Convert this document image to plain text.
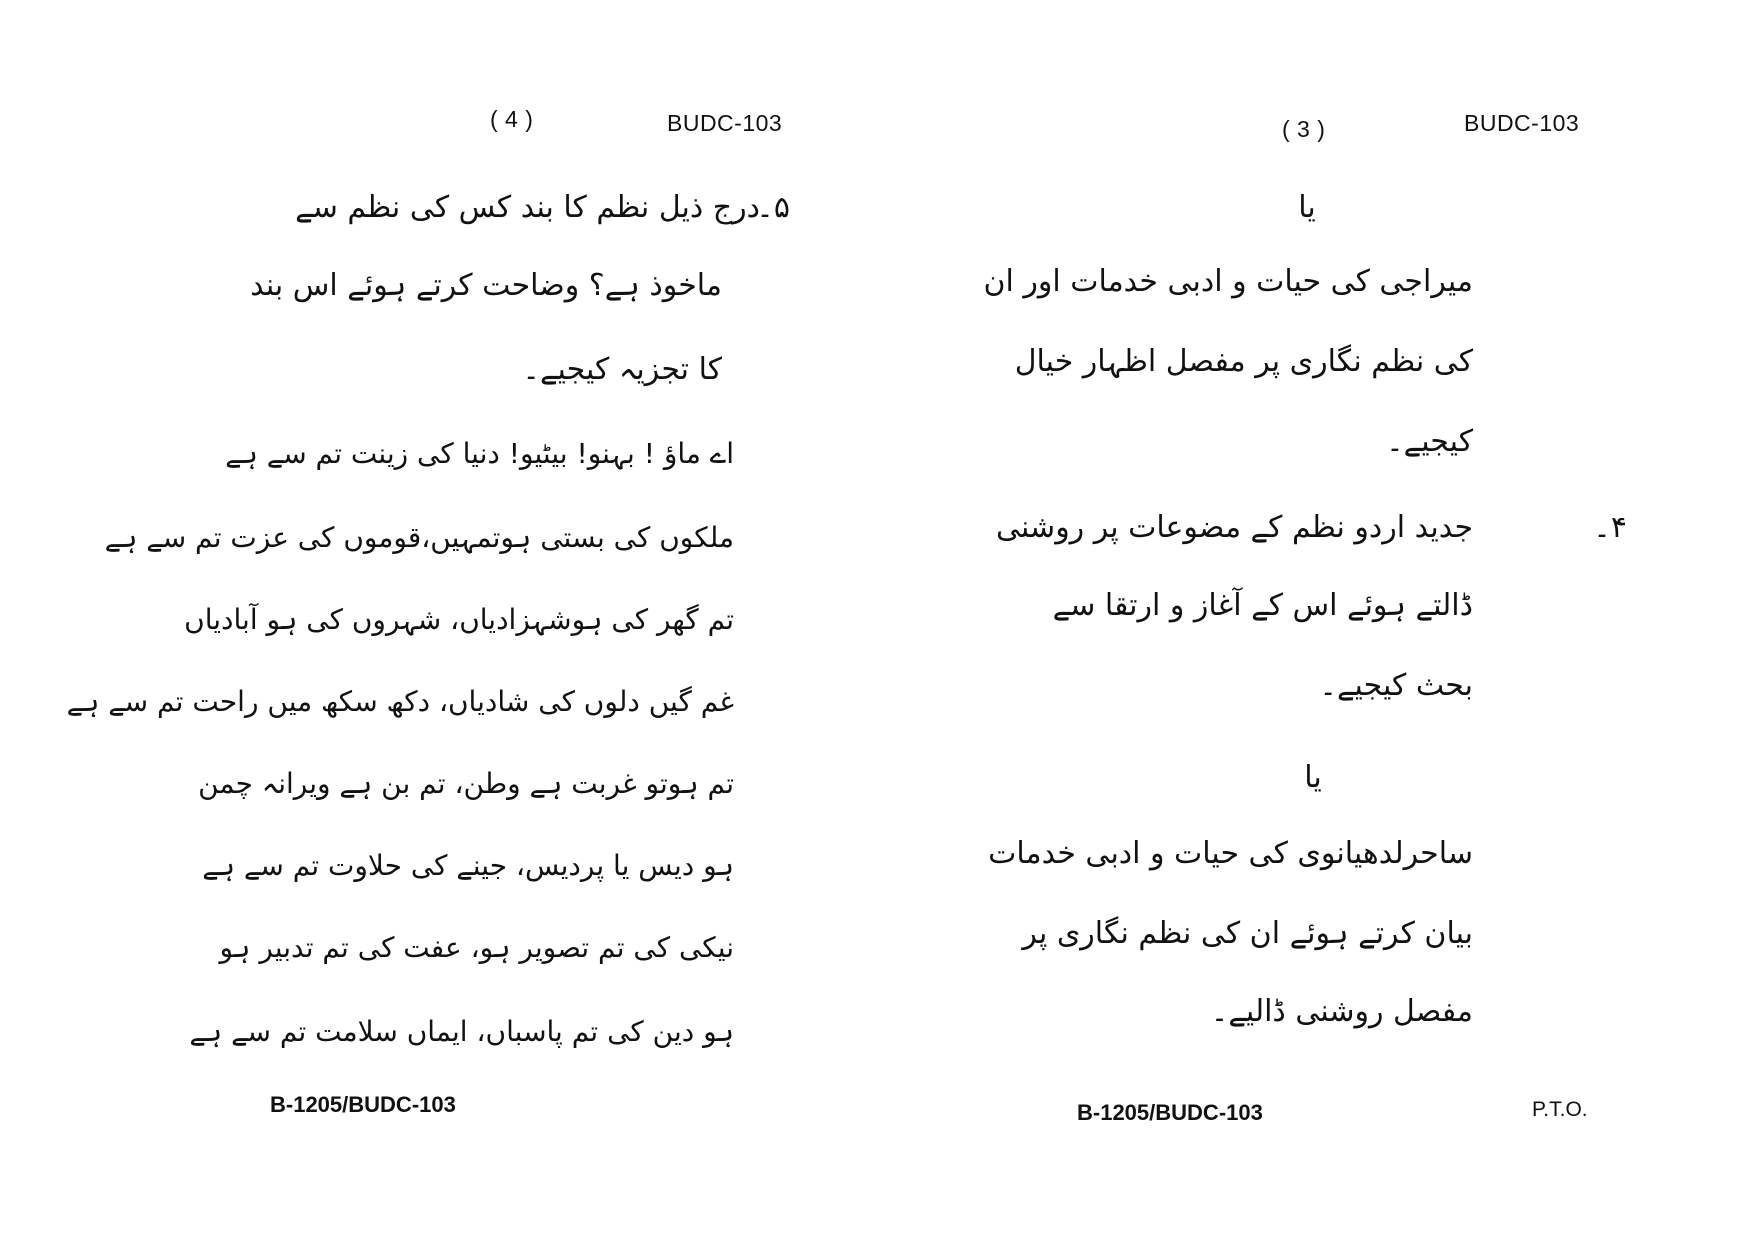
( 4 )	BUDC-103
۵۔
درج ذیل نظم کا بند کس کی نظم سے
ماخوذ ہے؟ وضاحت کرتے ہوئے اس بند
کا تجزیہ کیجیے۔
اے ماؤ ! بہنو! بیٹیو! دنیا کی زینت تم سے ہے
ملکوں کی بستی ہوتمہیں،قوموں کی عزت تم سے ہے
تم گھر کی ہوشہزادیاں، شہروں کی ہو آبادیاں
غم گیں دلوں کی شادیاں، دکھ سکھ میں راحت تم سے ہے
تم ہوتو غربت ہے وطن، تم بن ہے ویرانہ چمن
ہو دیس یا پردیس، جینے کی حلاوت تم سے ہے
نیکی کی تم تصویر ہو، عفت کی تم تدبیر ہو
ہو دین کی تم پاسباں، ایماں سلامت تم سے ہے
B-1205/BUDC-103
( 3 )	BUDC-103
یا
میراجی کی حیات و ادبی خدمات اور ان
کی نظم نگاری پر مفصل اظہار خیال
کیجیے۔
۴۔
جدید اردو نظم کے مضوعات پر روشنی
ڈالتے ہوئے اس کے آغاز و ارتقا سے
بحث کیجیے۔
یا
ساحرلدھیانوی کی حیات و ادبی خدمات
بیان کرتے ہوئے ان کی نظم نگاری پر
مفصل روشنی ڈالیے۔
B-1205/BUDC-103	P.T.O.
